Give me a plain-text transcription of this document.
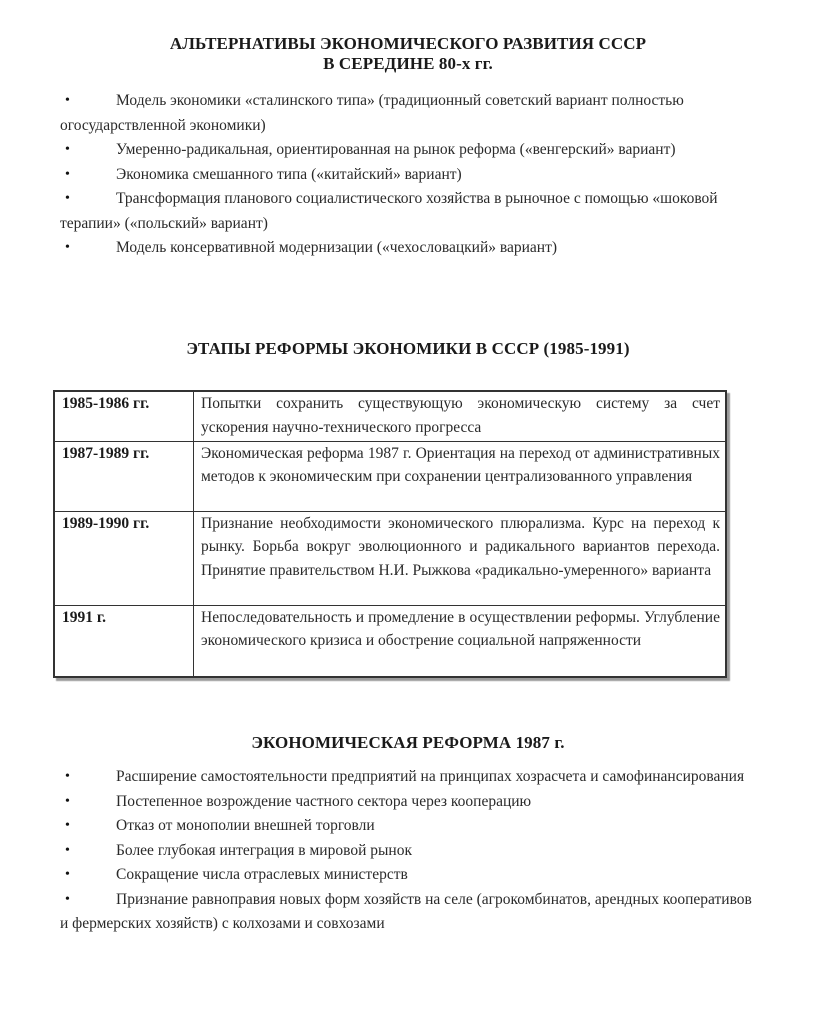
АЛЬТЕРНАТИВЫ ЭКОНОМИЧЕСКОГО РАЗВИТИЯ СССР
В СЕРЕДИНЕ 80-х гг.
•	Модель экономики «сталинского типа» (традиционный советский вариант полностью огосударствленной экономики)
•	Умеренно-радикальная, ориентированная на рынок реформа («венгерский» вариант)
•	Экономика смешанного типа («китайский» вариант)
•	Трансформация планового социалистического хозяйства в рыночное с помощью «шоковой терапии» («польский» вариант)
•	Модель консервативной модернизации («чехословацкий» вариант)
ЭТАПЫ РЕФОРМЫ ЭКОНОМИКИ В СССР (1985-1991)
1985-1986 гг.	Попытки сохранить существующую экономическую систему за счет ускорения научно-технического прогресса
1987-1989 гг.	Экономическая реформа 1987 г. Ориентация на переход от административных методов к экономическим при сохранении централизованного управления
1989-1990 гг.	Признание необходимости экономического плюрализма. Курс на переход к рынку. Борьба вокруг эволюционного и радикального вариантов перехода. Принятие правительством Н.И. Рыжкова «радикально-умеренного» варианта
1991 г.	Непоследовательность и промедление в осуществлении реформы. Углубление экономического кризиса и обострение социальной напряженности
ЭКОНОМИЧЕСКАЯ РЕФОРМА 1987 г.
•	Расширение самостоятельности предприятий на принципах хозрасчета и самофинансирования
•	Постепенное возрождение частного сектора через кооперацию
•	Отказ от монополии внешней торговли
•	Более глубокая интеграция в мировой рынок
•	Сокращение числа отраслевых министерств
•	Признание равноправия новых форм хозяйств на селе (агрокомбинатов, арендных кооперативов и фермерских хозяйств) с колхозами и совхозами
